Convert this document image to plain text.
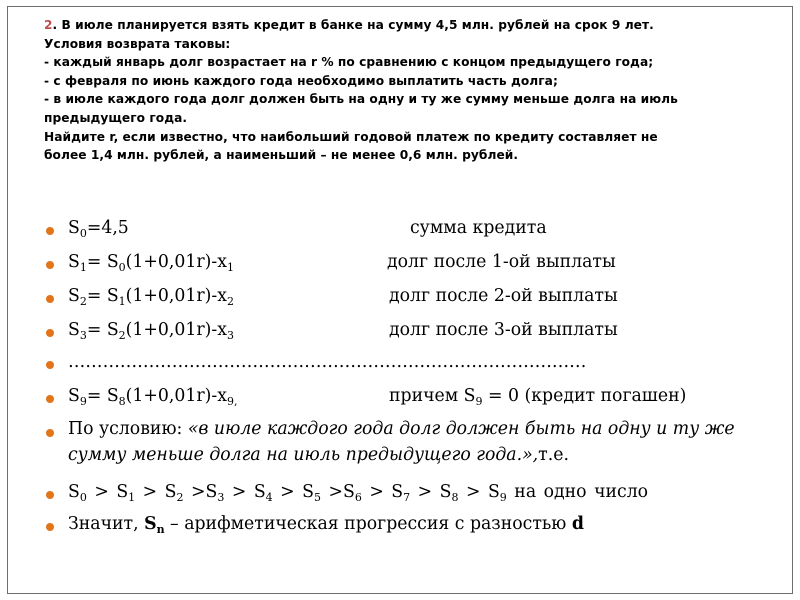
2. В июле планируется взять кредит в банке на сумму 4,5 млн. рублей на срок 9 лет.
Условия возврата таковы:
- каждый январь долг возрастает на r % по сравнению с концом предыдущего года;
- с февраля по июнь каждого года необходимо выплатить часть долга;
- в июле каждого года долг должен быть на одну и ту же сумму меньше долга на июль
предыдущего года.
Найдите r, если известно, что наибольший годовой платеж по кредиту составляет не
более 1,4 млн. рублей, а наименьший – не менее 0,6 млн. рублей.
$S_0=4,5$	сумма кредита
$S_1= S_0(1+0,01r)-x_1$	долг после 1-ой выплаты
$S_2= S_1(1+0,01r)-x_2$	долг после 2-ой выплаты
$S_3= S_2(1+0,01r)-x_3$	долг после 3-ой выплаты
………………………………………………………………………………
$S_9= S_8(1+0,01r)-x_{9,}$	причем $S_9 = 0$ (кредит погашен)
По условию: «в июле каждого года долг должен быть на одну и ту же
сумму меньше долга на июль предыдущего года.»,т.е.
$S_0 > S_1 > S_2 >S_3 > S_4 > S_5 >S_6 > S_7 > S_8 > S_9$ на одно число
Значит, $S_n$ – арифметическая прогрессия с разностью d
